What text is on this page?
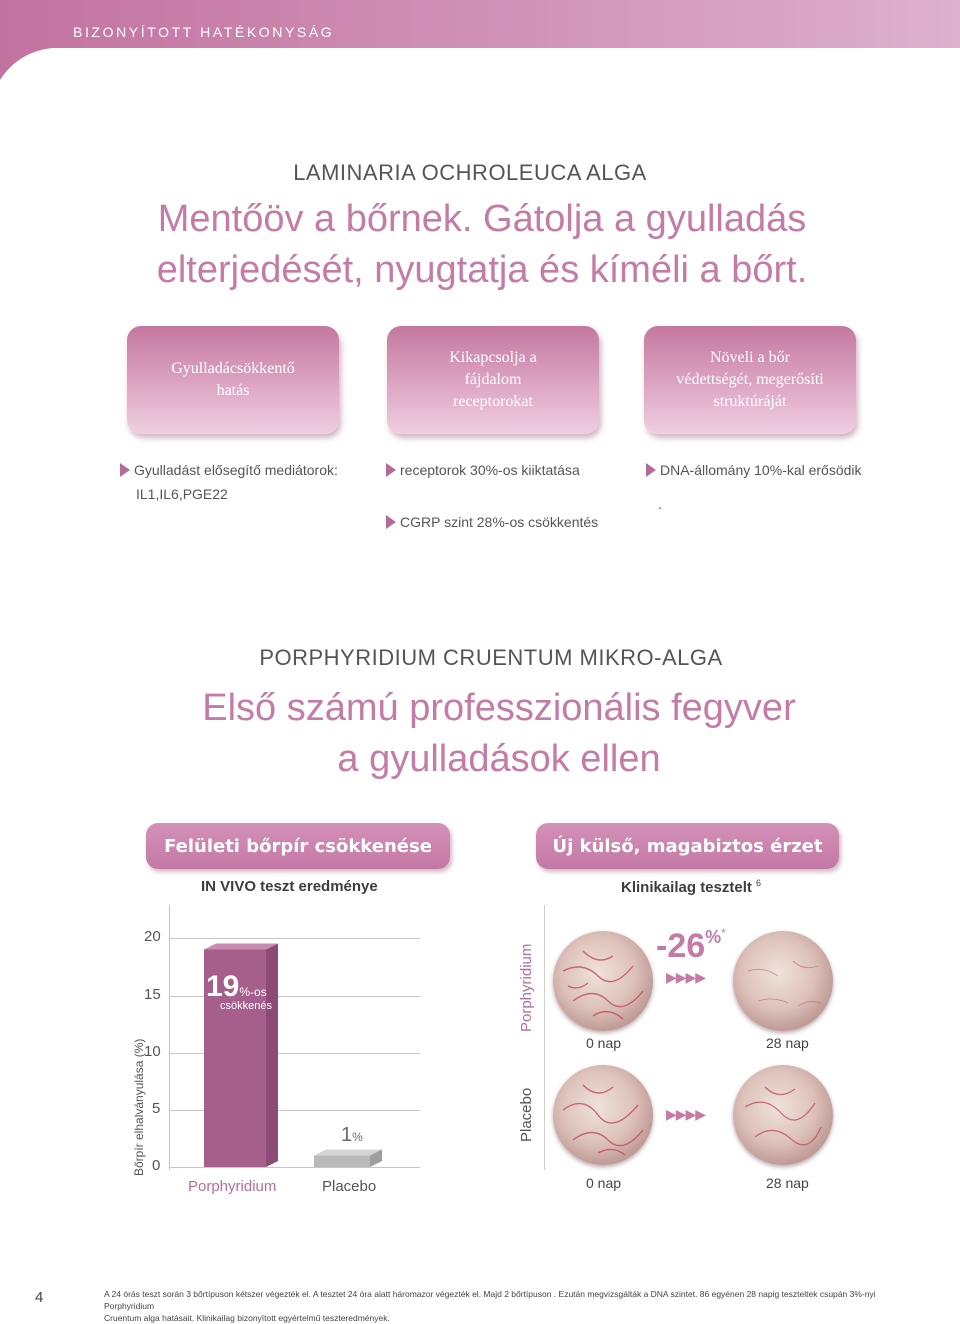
BIZONYÍTOTT HATÉKONYSÁG
LAMINARIA OCHROLEUCA ALGA
Mentőöv a bőrnek. Gátolja a gyulladás
elterjedését, nyugtatja és kíméli a bőrt.
Gyulladácsökkentő
hatás
Kikapcsolja a
fájdalom
receptorokat
Növeli a bőr
védettségét, megerősíti
struktúráját
Gyulladást elősegítő mediátorok:
IL1,IL6,PGE22
receptorok 30%-os kiiktatása
CGRP szint 28%-os csökkentés
DNA-állomány 10%-kal erősödik
.
PORPHYRIDIUM CRUENTUM MIKRO-ALGA
Első számú professzionális fegyver
a gyulladások ellen
Felületi bőrpír csökkenése	Új külső, magabiztos érzet
IN VIVO teszt eredménye	Klinikailag tesztelt $^6$
20
15
10
5
0
Bőrpír elhalványulása (%)
19%-os
csökkenés
1%
Porphyridium	Placebo
Porphyridium
Placebo
-26%*
▶▶▶▶
0 nap	28 nap
▶▶▶▶
0 nap	28 nap
4	A 24 órás teszt során 3 bőrtípuson kétszer végezték el. A tesztet 24 óra alatt háromazor végezték el. Majd 2 bőrtípuson . Ezután megvizsgálták a DNA szintet. 86 egyénen 28 napig teszteltek csupán 3%-nyi Porphyridium
Cruentum alga hatásait. Klinikailag bizonyított egyértelmű teszteredmények.
